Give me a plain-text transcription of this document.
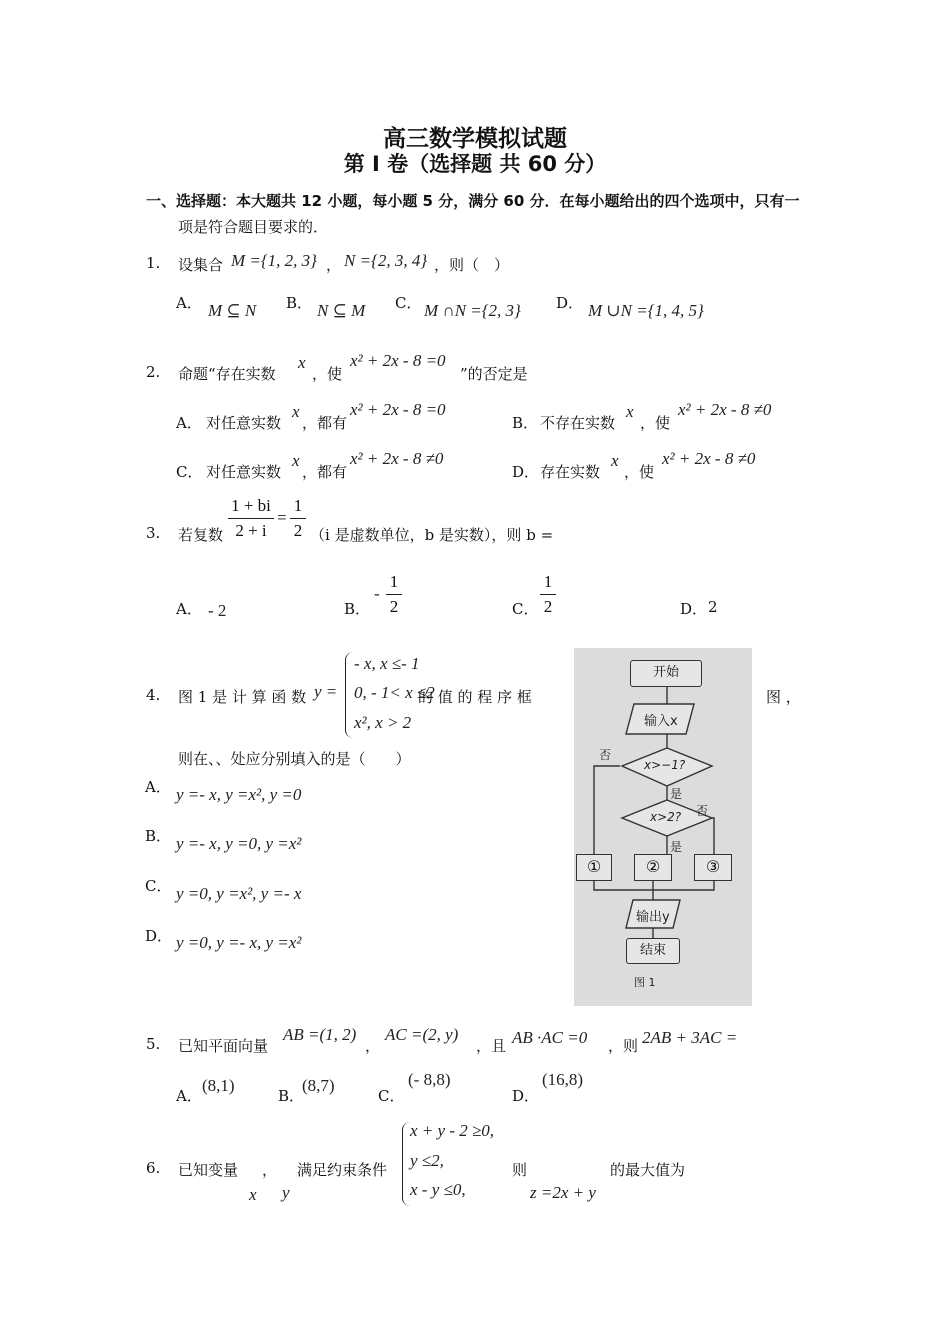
高三数学模拟试题
第 I 卷（选择题 共 60 分）
一、选择题：本大题共 12 小题，每小题 5 分，满分 60 分．在每小题给出的四个选项中，只有一
项是符合题目要求的．
1. 设集合 M ={1, 2, 3} ， N ={2, 3, 4} ，则（　）
A． M ⊆ N B． N ⊆ M C． M ∩N ={2, 3} D． M ∪N ={1, 4, 5}
2. 命题“存在实数
x
，使
x² + 2x - 8 =0
”的否定是
A． 对任意实数
x
，都有
x² + 2x - 8 =0
B． 不存在实数
x
，使
x² + 2x - 8 ≠0
C． 对任意实数
x
，都有
x² + 2x - 8 ≠0
D． 存在实数
x
，使
x² + 2x - 8 ≠0
3. 若复数
1 + bi
2 + i
=
1
2 （i 是虚数单位，b 是实数），则 b =
A． - 2	B．
-
1
2	C．
1
2	D． 2
4. 图 1 是 计 算 函 数 y =
- x, x ≤- 1
0, - 1< x ≤2
x², x > 2
的 值 的 程 序 框	图 ，
则在、、处应分别填入的是（　　）
A． y =- x, y =x², y =0
B． y =- x, y =0, y =x²
C． y =0, y =x², y =- x
D． y =0, y =- x, y =x²
开始
输入x
x>−1?
x>2?
否
是
否
是
①	②	③
输出y
结束
图 1
5. 已知平面向量
AB =(1, 2)
，
AC =(2, y)
，且 AB ·AC =0 ，则 2AB + 3AC =
A．
(8,1)
B．
(8,7)
C．
(- 8,8)
D．
(16,8)
6. 已知变量 ， 满足约束条件
x y
x + y - 2 ≥0,
y ≤2,
x - y ≤0,
则
z =2x + y
的最大值为
